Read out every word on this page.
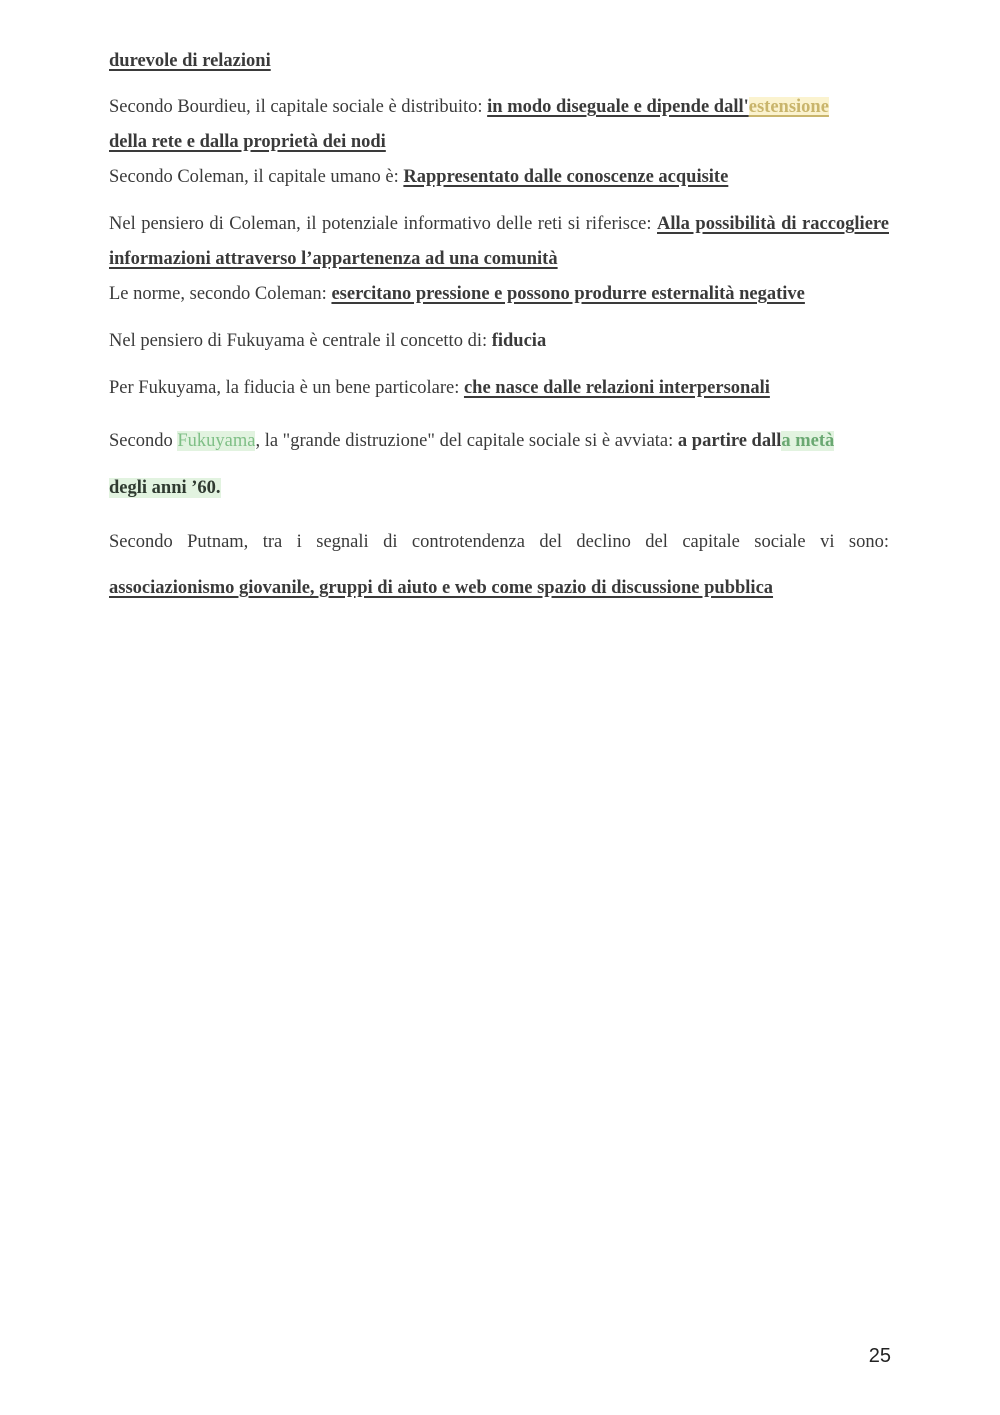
durevole di relazioni

Secondo Bourdieu, il capitale sociale è distribuito: in modo diseguale e dipende dall'estensione
della rete e dalla proprietà dei nodi

Secondo Coleman, il capitale umano è: Rappresentato dalle conoscenze acquisite

Nel pensiero di Coleman, il potenziale informativo delle reti si riferisce: Alla possibilità di raccogliere informazioni attraverso l’appartenenza ad una comunità

Le norme, secondo Coleman: esercitano pressione e possono produrre esternalità negative

Nel pensiero di Fukuyama è centrale il concetto di: fiducia

Per Fukuyama, la fiducia è un bene particolare: che nasce dalle relazioni interpersonali

Secondo Fukuyama, la "grande distruzione" del capitale sociale si è avviata: a partire dalla metà
degli anni ’60.

Secondo Putnam, tra i segnali di controtendenza del declino del capitale sociale vi sono: associazionismo giovanile, gruppi di aiuto e web come spazio di discussione pubblica

25
